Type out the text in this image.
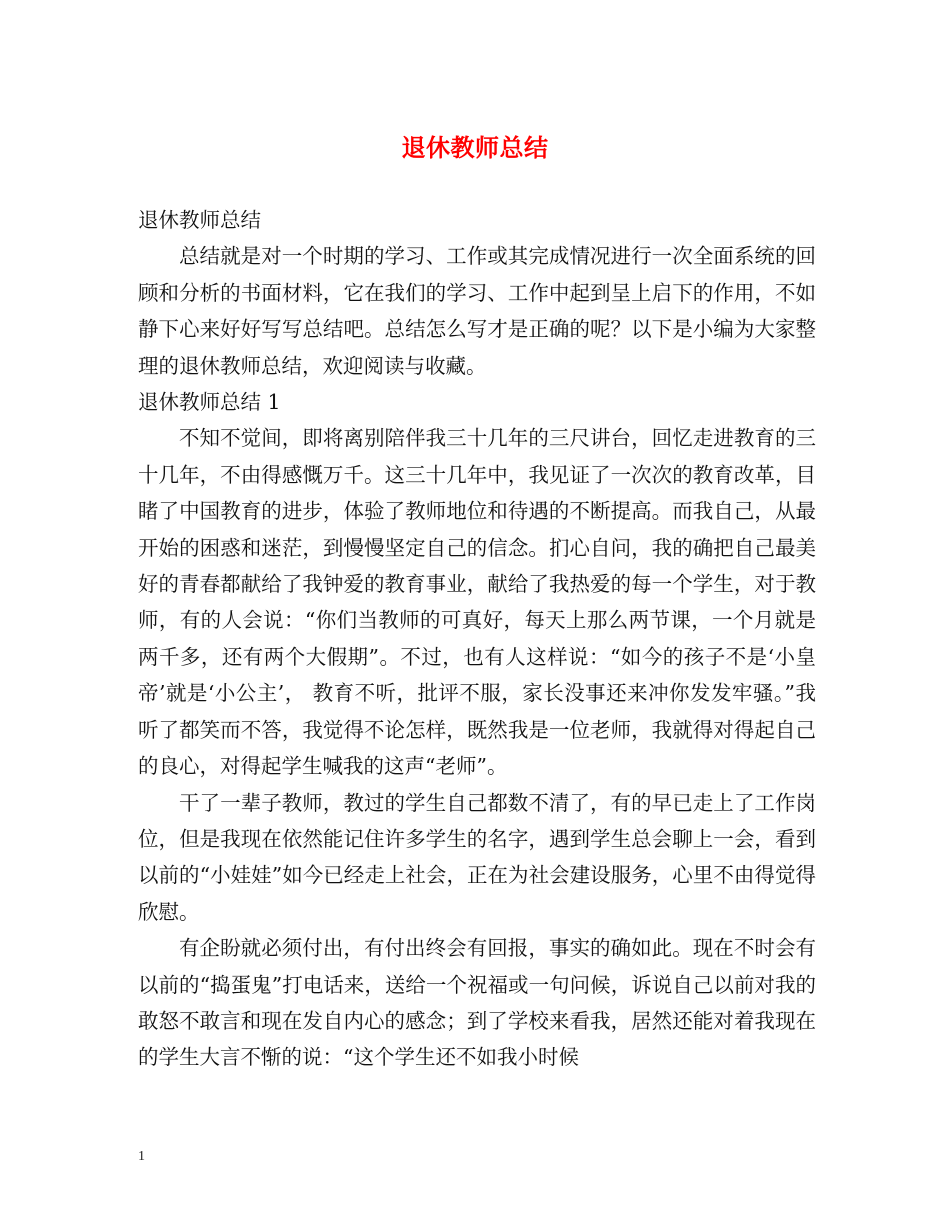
退休教师总结

退休教师总结

总结就是对一个时期的学习、工作或其完成情况进行一次全面系统的回顾和分析的书面材料，它在我们的学习、工作中起到呈上启下的作用，不如静下心来好好写写总结吧。总结怎么写才是正确的呢？以下是小编为大家整理的退休教师总结，欢迎阅读与收藏。

退休教师总结 1

不知不觉间，即将离别陪伴我三十几年的三尺讲台，回忆走进教育的三十几年，不由得感慨万千。这三十几年中，我见证了一次次的教育改革，目睹了中国教育的进步，体验了教师地位和待遇的不断提高。而我自己，从最开始的困惑和迷茫，到慢慢坚定自己的信念。扪心自问，我的确把自己最美好的青春都献给了我钟爱的教育事业，献给了我热爱的每一个学生，对于教师，有的人会说：“你们当教师的可真好，每天上那么两节课，一个月就是两千多，还有两个大假期”。不过，也有人这样说：“如今的孩子不是‘小皇帝’就是‘小公主’， 教育不听，批评不服，家长没事还来冲你发发牢骚。”我听了都笑而不答，我觉得不论怎样，既然我是一位老师，我就得对得起自己的良心，对得起学生喊我的这声“老师”。

干了一辈子教师，教过的学生自己都数不清了，有的早已走上了工作岗位，但是我现在依然能记住许多学生的名字，遇到学生总会聊上一会，看到以前的“小娃娃”如今已经走上社会，正在为社会建设服务，心里不由得觉得欣慰。

有企盼就必须付出，有付出终会有回报，事实的确如此。现在不时会有以前的“捣蛋鬼”打电话来，送给一个祝福或一句问候，诉说自己以前对我的敢怒不敢言和现在发自内心的感念；到了学校来看我，居然还能对着我现在的学生大言不惭的说：“这个学生还不如我小时候

1
